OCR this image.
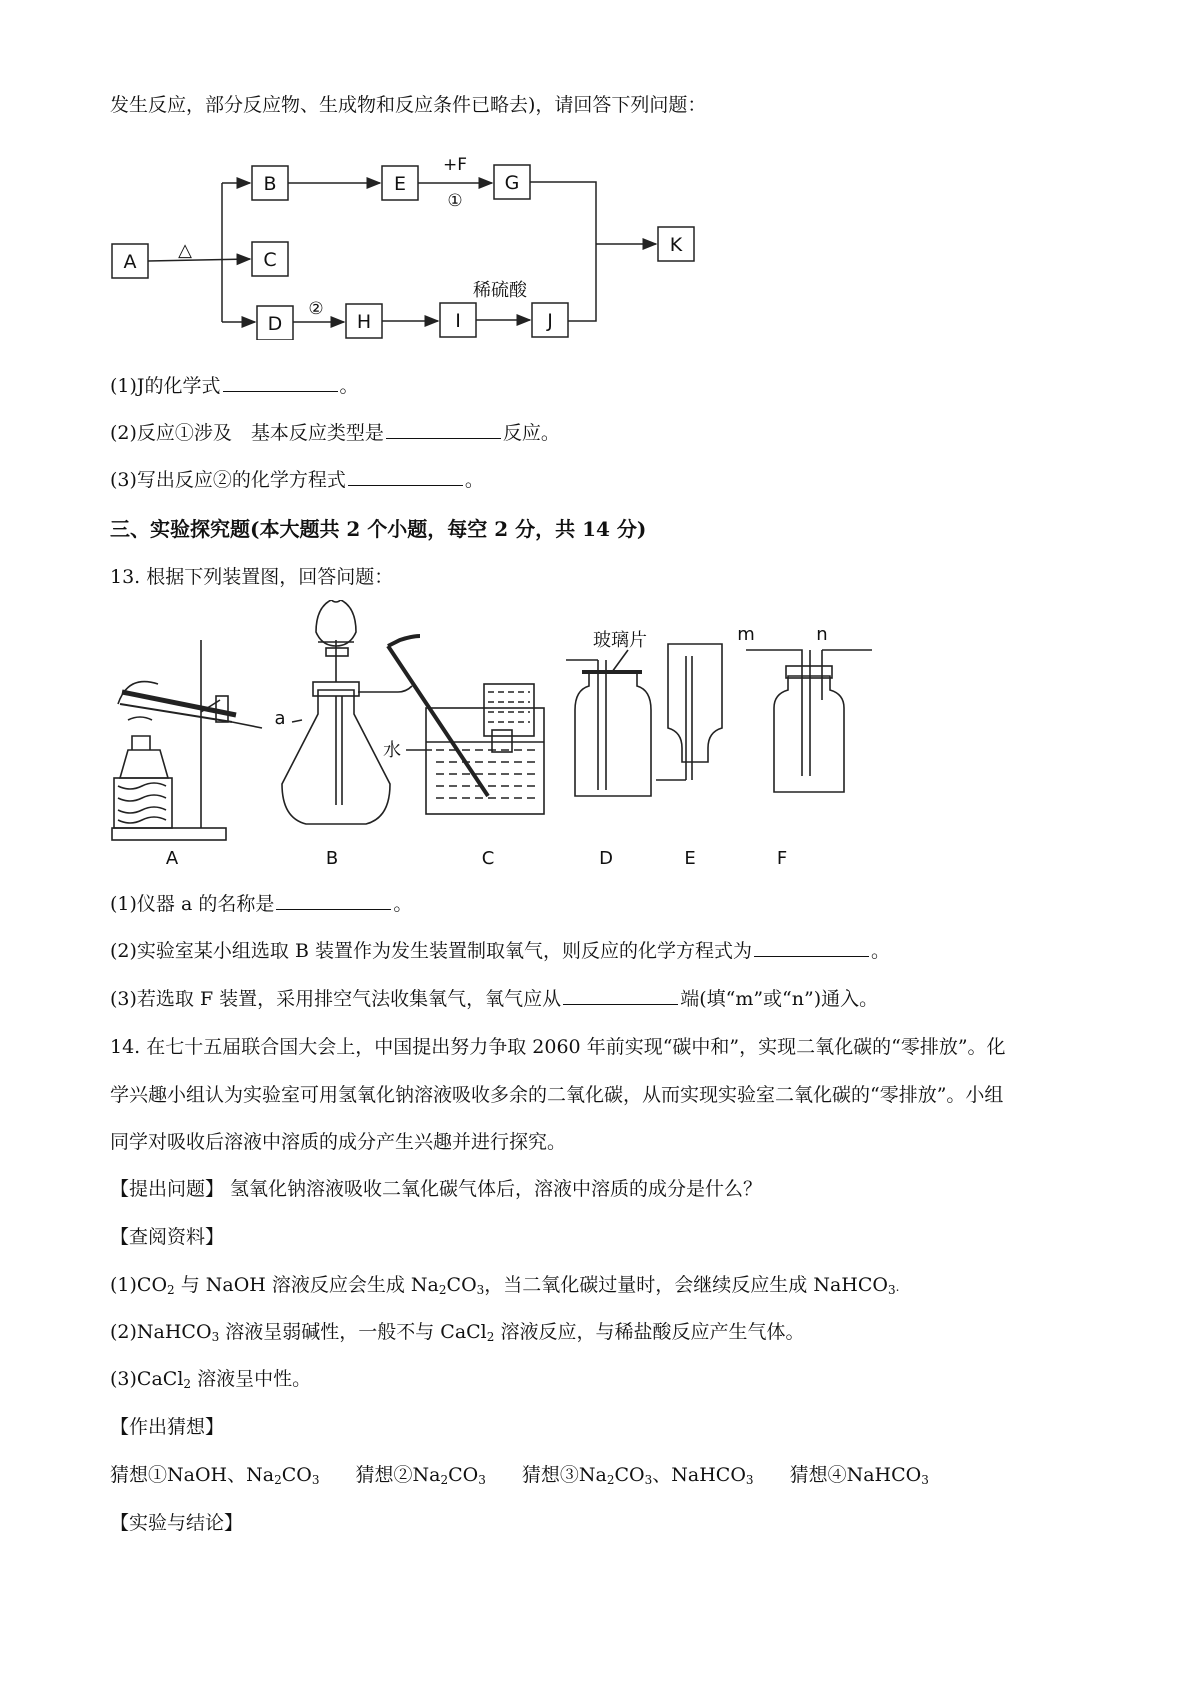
发生反应，部分反应物、生成物和反应条件已略去)，请回答下列问题：
A
B
C
D
E	G
H	I	J
K
△
+F
①
②
稀硫酸
(1)J的化学式	。
(2)反应①涉及　基本反应类型是	反应。
(3)写出反应②的化学方程式	。
三、实验探究题(本大题共 2 个小题，每空 2 分，共 14 分)
13. 根据下列装置图，回答问题：
A	B	C	D	E	F
a
水
玻璃片	m	n
(1)仪器 a 的名称是	。
(2)实验室某小组选取 B 装置作为发生装置制取氧气，则反应的化学方程式为	。
(3)若选取 F 装置，采用排空气法收集氧气，氧气应从	端(填“m”或“n”)通入。
14. 在七十五届联合国大会上，中国提出努力争取 2060 年前实现“碳中和”，实现二氧化碳的“零排放”。化
学兴趣小组认为实验室可用氢氧化钠溶液吸收多余的二氧化碳，从而实现实验室二氧化碳的“零排放”。小组
同学对吸收后溶液中溶质的成分产生兴趣并进行探究。
【提出问题】 氢氧化钠溶液吸收二氧化碳气体后，溶液中溶质的成分是什么？
【查阅资料】
$(1)CO_2$ 与 NaOH 溶液反应会生成 $Na_2CO_3$，当二氧化碳过量时，会继续反应生成 NaHCO$_3$.
(2)NaHCO$_3$ 溶液呈弱碱性，一般不与 CaCl$_2$ 溶液反应，与稀盐酸反应产生气体。
(3)CaCl$_2$ 溶液呈中性。
【作出猜想】
猜想①NaOH、$Na_2CO_3$ 猜想$②Na_2CO_3$ 猜想$③Na_2CO_3$、NaHCO$_3$ 猜想④NaHCO$_3$
【实验与结论】
